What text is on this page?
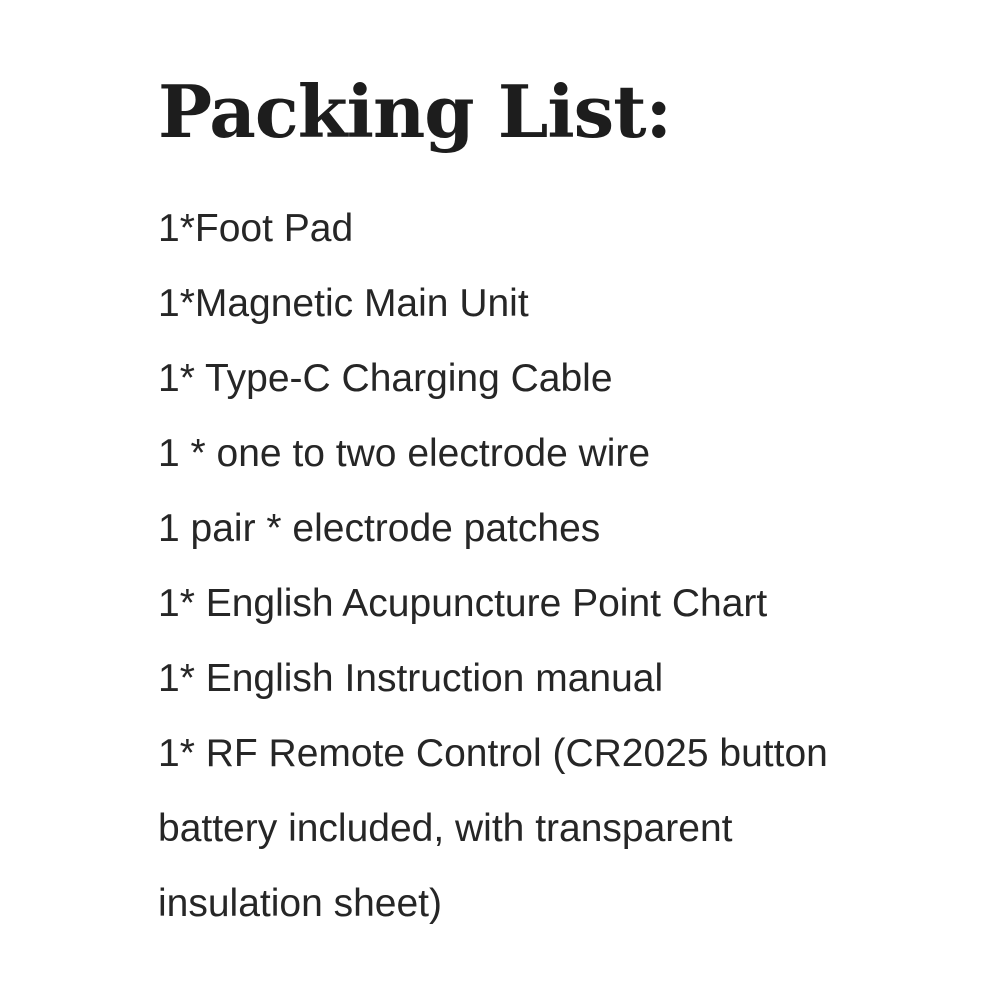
Packing List:
1*Foot Pad
1*Magnetic Main Unit
1* Type-C Charging Cable
1 * one to two electrode wire
1 pair * electrode patches
1* English Acupuncture Point Chart
1* English Instruction manual
1* RF Remote Control (CR2025 button battery included, with transparent insulation sheet)
